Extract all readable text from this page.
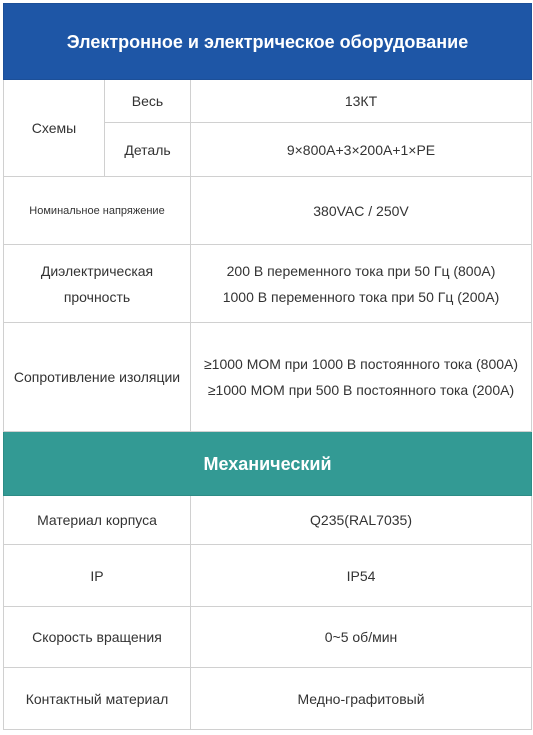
Электронное и электрическое оборудование		
Схемы	Весь	13КТ
	Деталь	9×800A+3×200A+1×PE
Номинальное напряжение		380VAC / 250V
Диэлектрическая прочность		200 В переменного тока при 50 Гц (800A)
1000 В переменного тока при 50 Гц (200A)

Сопротивление изоляции		≥1000 МОМ при 1000 В постоянного тока (800A)
≥1000 МОМ при 500 В постоянного тока (200A)

Механический		
Материал корпуса		Q235(RAL7035)
IP		IP54
Скорость вращения		0~5 об/мин
Контактный материал		Медно-графитовый
